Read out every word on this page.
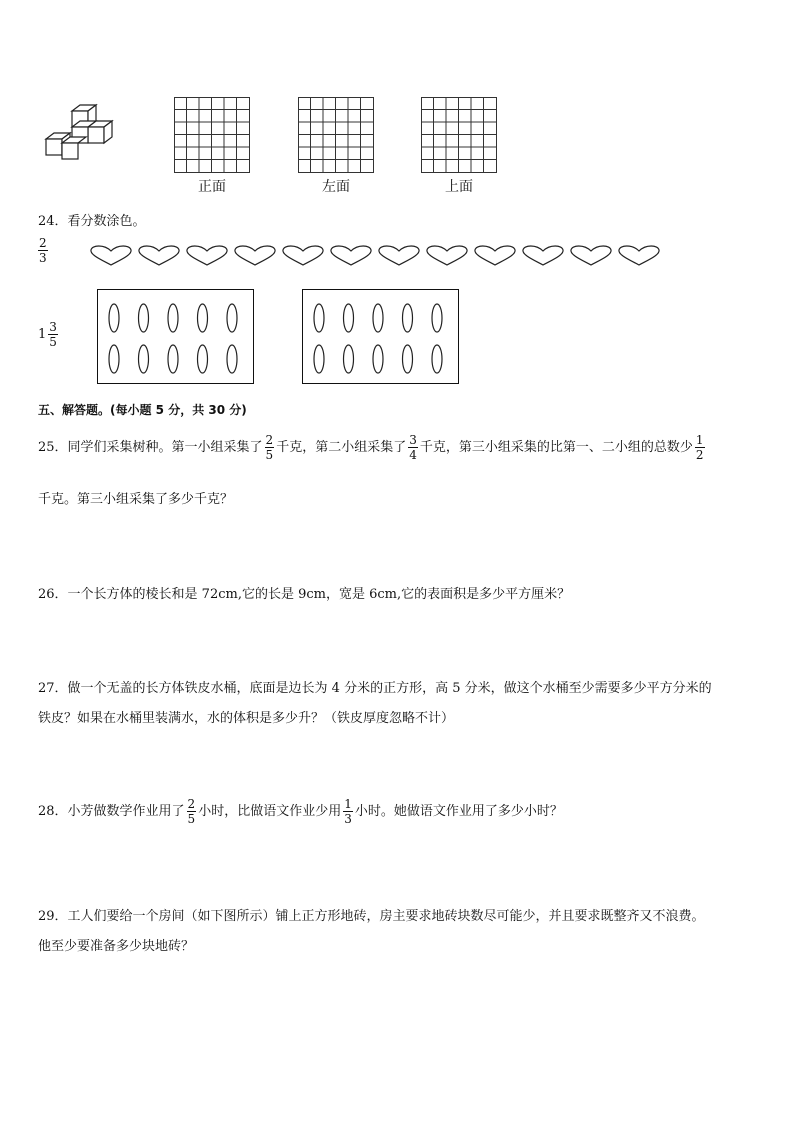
正面	左面	上面
24．看分数涂色。
$\frac{2}{3}$
$1 \frac{3}{5}$
五、解答题。(每小题 5 分，共 30 分)
25．同学们采集树种。第一小组采集了 $\frac{2}{5}$ 千克，第二小组采集了 $\frac{3}{4}$ 千克，第三小组采集的比第一、二小组的总数少 $\frac{1}{2}$
千克。第三小组采集了多少千克？
26．一个长方体的棱长和是 72cm,它的长是 9cm，宽是 6cm,它的表面积是多少平方厘米？
27．做一个无盖的长方体铁皮水桶，底面是边长为 4 分米的正方形，高 5 分米，做这个水桶至少需要多少平方分米的
铁皮？如果在水桶里装满水，水的体积是多少升？（铁皮厚度忽略不计）
28．小芳做数学作业用了 $\frac{2}{5}$ 小时，比做语文作业少用 $\frac{1}{3}$ 小时。她做语文作业用了多少小时？
29．工人们要给一个房间（如下图所示）铺上正方形地砖，房主要求地砖块数尽可能少，并且要求既整齐又不浪费。
他至少要准备多少块地砖？
